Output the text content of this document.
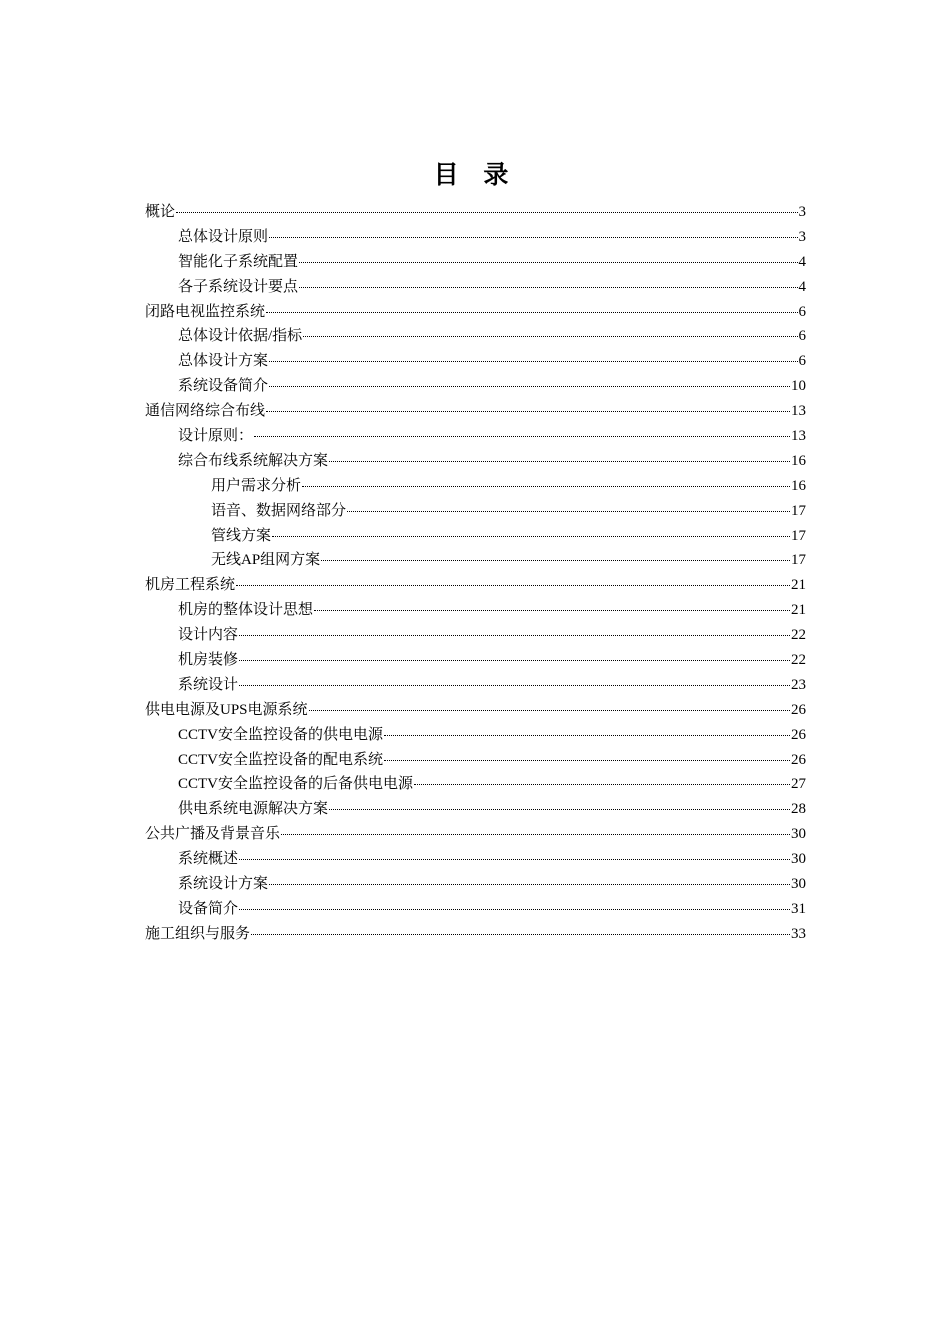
目 录
概论	3
总体设计原则	3
智能化子系统配置	4
各子系统设计要点	4
闭路电视监控系统	6
总体设计依据/指标	6
总体设计方案	6
系统设备简介	10
通信网络综合布线	13
设计原则：	13
综合布线系统解决方案	16
用户需求分析	16
语音、数据网络部分	17
管线方案	17
无线AP组网方案	17
机房工程系统	21
机房的整体设计思想	21
设计内容	22
机房装修	22
系统设计	23
供电电源及UPS电源系统	26
CCTV安全监控设备的供电电源	26
CCTV安全监控设备的配电系统	26
CCTV安全监控设备的后备供电电源	27
供电系统电源解决方案	28
公共广播及背景音乐	30
系统概述	30
系统设计方案	30
设备简介	31
施工组织与服务	33
